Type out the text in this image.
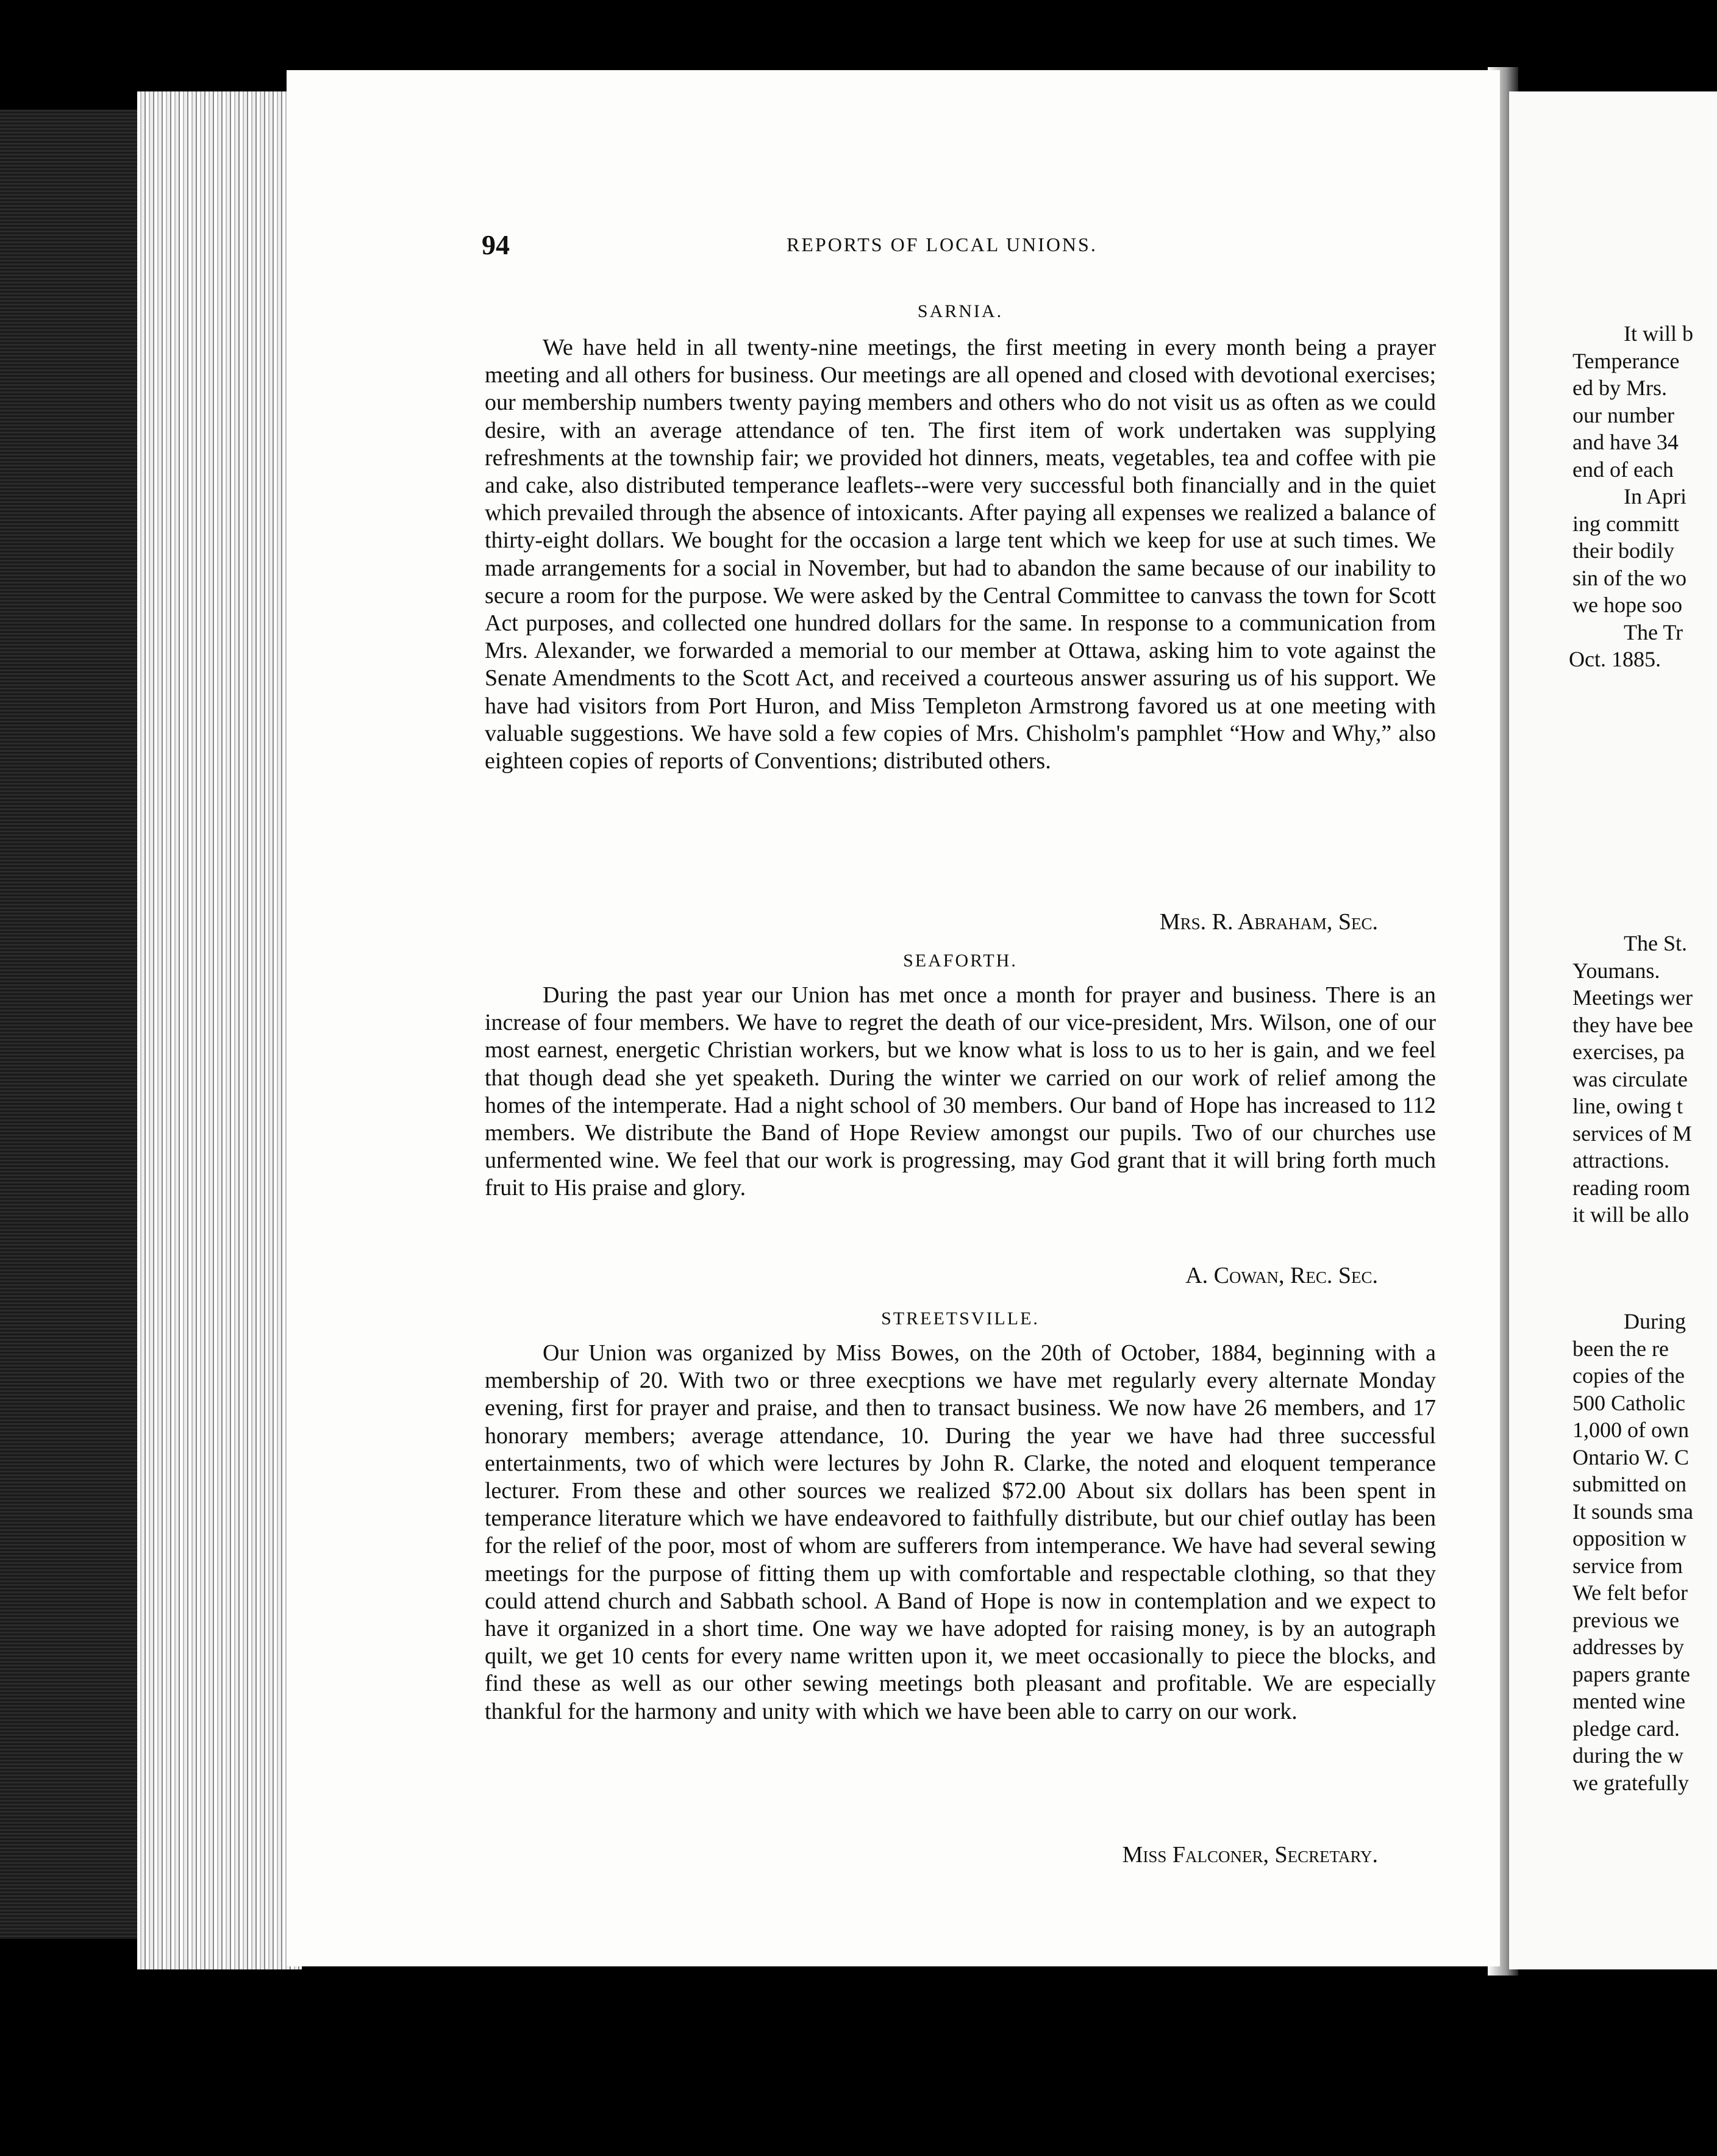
94	REPORTS OF LOCAL UNIONS.

SARNIA.

We have held in all twenty-nine meetings, the first meeting in every month being a prayer meeting and all others for business. Our meetings are all opened and closed with devotional exercises; our membership numbers twenty paying members and others who do not visit us as often as we could desire, with an average attendance of ten. The first item of work undertaken was supplying refreshments at the township fair; we provided hot dinners, meats, vegetables, tea and coffee with pie and cake, also distributed temperance leaflets--were very successful both financially and in the quiet which prevailed through the absence of intoxicants. After paying all expenses we realized a balance of thirty-eight dollars. We bought for the occasion a large tent which we keep for use at such times. We made arrangements for a social in November, but had to abandon the same because of our inability to secure a room for the purpose. We were asked by the Central Committee to canvass the town for Scott Act purposes, and collected one hundred dollars for the same. In response to a communication from Mrs. Alexander, we forwarded a memorial to our member at Ottawa, asking him to vote against the Senate Amendments to the Scott Act, and received a courteous answer assuring us of his support. We have had visitors from Port Huron, and Miss Templeton Armstrong favored us at one meeting with valuable suggestions. We have sold a few copies of Mrs. Chisholm's pamphlet “How and Why,” also eighteen copies of reports of Conventions; distributed others.

Mrs. R. Abraham, Sec.

SEAFORTH.

During the past year our Union has met once a month for prayer and business. There is an increase of four members. We have to regret the death of our vice-president, Mrs. Wilson, one of our most earnest, energetic Christian workers, but we know what is loss to us to her is gain, and we feel that though dead she yet speaketh. During the winter we carried on our work of relief among the homes of the intemperate. Had a night school of 30 members. Our band of Hope has increased to 112 members. We distribute the Band of Hope Review amongst our pupils. Two of our churches use unfermented wine. We feel that our work is progressing, may God grant that it will bring forth much fruit to His praise and glory.

A. Cowan, Rec. Sec.

STREETSVILLE.

Our Union was organized by Miss Bowes, on the 20th of October, 1884, beginning with a membership of 20. With two or three execptions we have met regularly every alternate Monday evening, first for prayer and praise, and then to transact business. We now have 26 members, and 17 honorary members; average attendance, 10. During the year we have had three successful entertainments, two of which were lectures by John R. Clarke, the noted and eloquent temperance lecturer. From these and other sources we realized $72.00 About six dollars has been spent in temperance literature which we have endeavored to faithfully distribute, but our chief outlay has been for the relief of the poor, most of whom are sufferers from intemperance. We have had several sewing meetings for the purpose of fitting them up with comfortable and respectable clothing, so that they could attend church and Sabbath school. A Band of Hope is now in contemplation and we expect to have it organized in a short time. One way we have adopted for raising money, is by an autograph quilt, we get 10 cents for every name written upon it, we meet occasionally to piece the blocks, and find these as well as our other sewing meetings both pleasant and profitable. We are especially thankful for the harmony and unity with which we have been able to carry on our work.

Miss Falconer, Secretary.

It will b
Temperance
ed by Mrs.
our number
and have 34
end of each
In Apri
ing committ
their bodily
sin of the wo
we hope soo
The Tr
Oct. 1885.
The St.
Youmans.
Meetings wer
they have bee
exercises, pa
was circulate
line, owing t
services of M
attractions.
reading room
it will be allo
During
been the re
copies of the
500 Catholic
1,000 of own
Ontario W. C
submitted on
It sounds sma
opposition w
service from
We felt befor
previous we
addresses by
papers grante
mented wine
pledge card.
during the w
we gratefully
